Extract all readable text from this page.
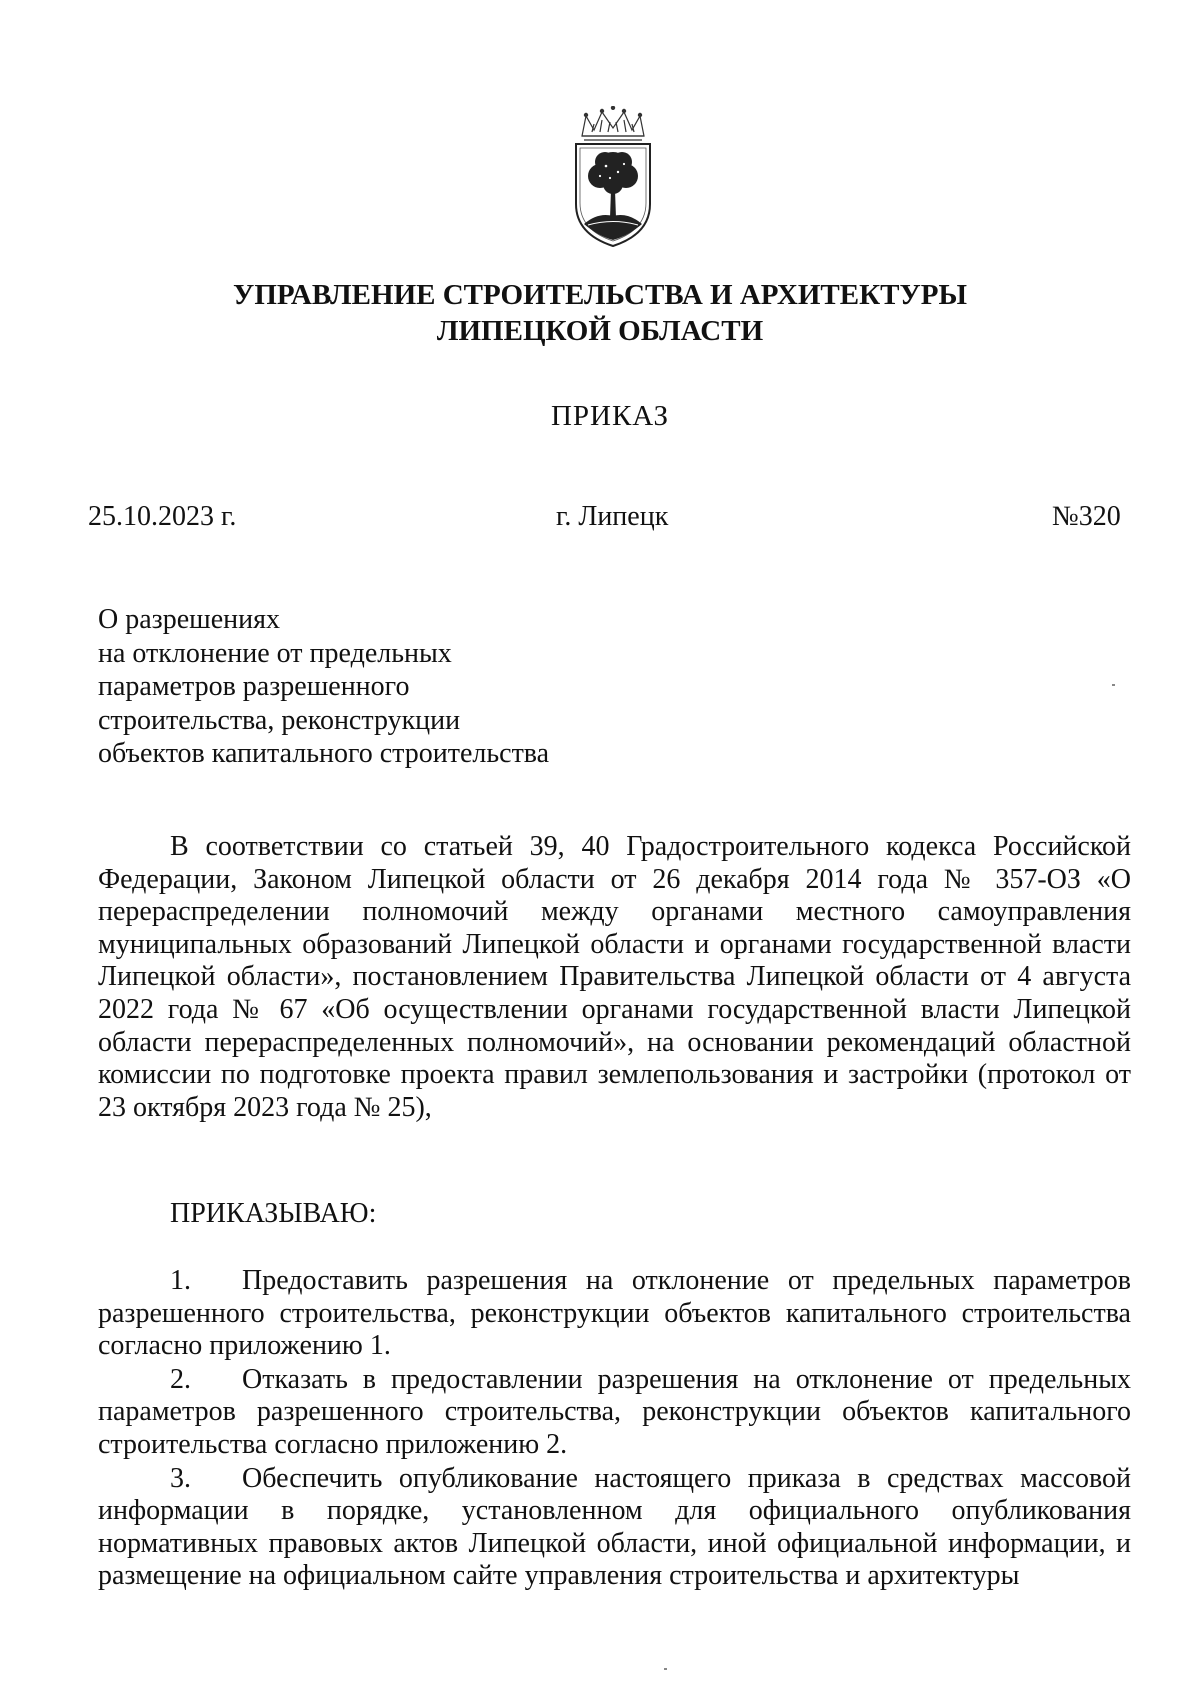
УПРАВЛЕНИЕ СТРОИТЕЛЬСТВА И АРХИТЕКТУРЫ
ЛИПЕЦКОЙ ОБЛАСТИ
ПРИКАЗ
25.10.2023 г.	г. Липецк	№320
О разрешениях
на отклонение от предельных
параметров разрешенного
строительства, реконструкции
объектов капитального строительства
В соответствии со статьей 39, 40 Градостроительного кодекса Российской Федерации, Законом Липецкой области от 26 декабря 2014 года № 357-ОЗ «О перераспределении полномочий между органами местного самоуправления муниципальных образований Липецкой области и органами государственной власти Липецкой области», постановлением Правительства Липецкой области от 4 августа 2022 года № 67 «Об осуществлении органами государственной власти Липецкой области перераспределенных полномочий», на основании рекомендаций областной комиссии по подготовке проекта правил землепользования и застройки (протокол от 23 октября 2023 года № 25),
ПРИКАЗЫВАЮ:
1. Предоставить разрешения на отклонение от предельных параметров разрешенного строительства, реконструкции объектов капитального строительства согласно приложению 1.
2. Отказать в предоставлении разрешения на отклонение от предельных параметров разрешенного строительства, реконструкции объектов капитального строительства согласно приложению 2.
3. Обеспечить опубликование настоящего приказа в средствах массовой информации в порядке, установленном для официального опубликования нормативных правовых актов Липецкой области, иной официальной информации, и размещение на официальном сайте управления строительства и архитектуры
